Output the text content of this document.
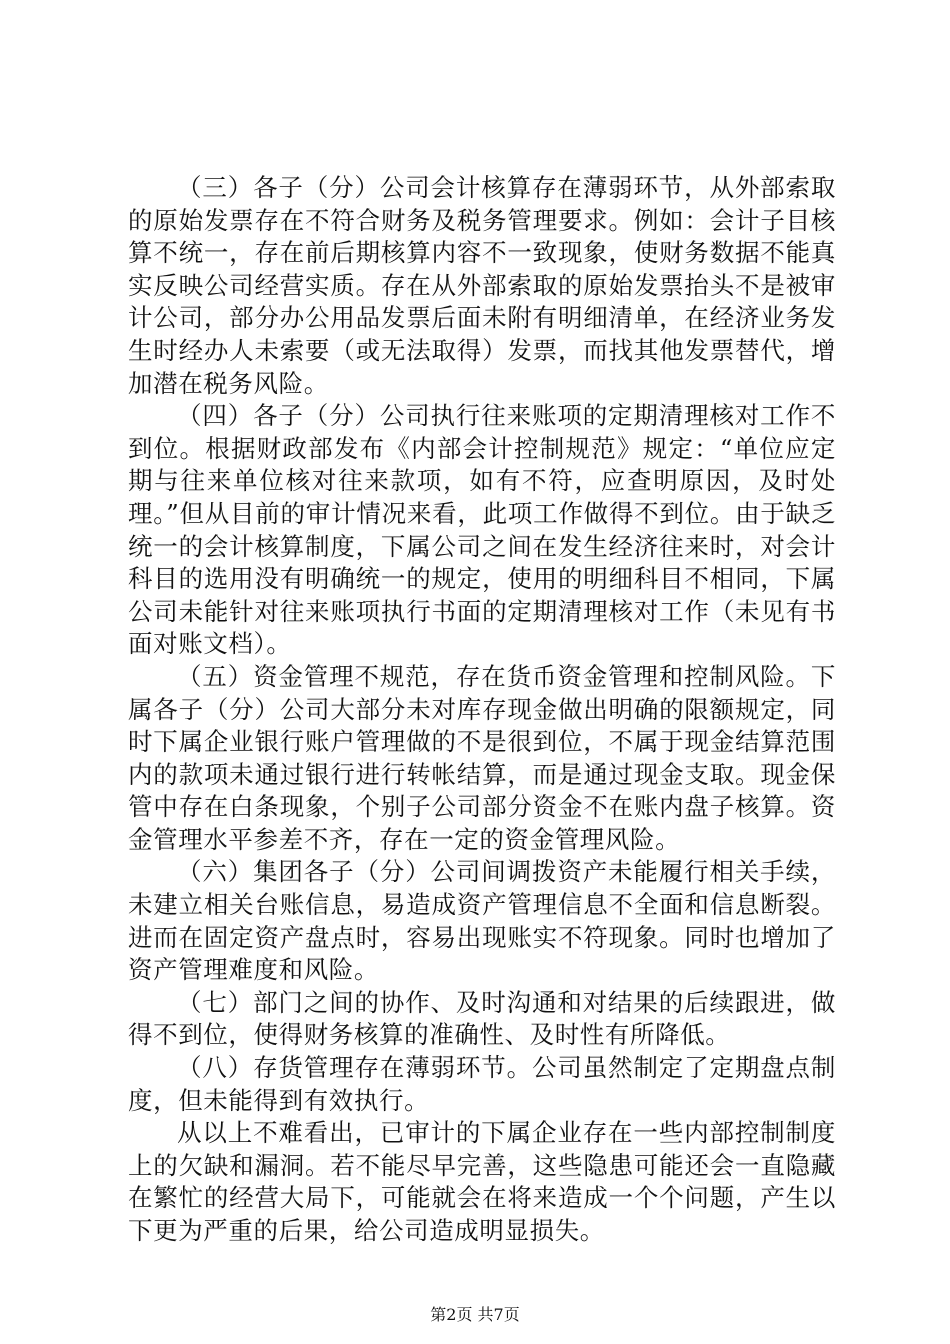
（三）各子（分）公司会计核算存在薄弱环节，从外部索取的原始发票存在不符合财务及税务管理要求。例如：会计子目核算不统一，存在前后期核算内容不一致现象，使财务数据不能真实反映公司经营实质。存在从外部索取的原始发票抬头不是被审计公司，部分办公用品发票后面未附有明细清单，在经济业务发生时经办人未索要（或无法取得）发票，而找其他发票替代，增加潜在税务风险。

（四）各子（分）公司执行往来账项的定期清理核对工作不到位。根据财政部发布《内部会计控制规范》规定：“单位应定期与往来单位核对往来款项，如有不符，应查明原因，及时处理。”但从目前的审计情况来看，此项工作做得不到位。由于缺乏统一的会计核算制度，下属公司之间在发生经济往来时，对会计科目的选用没有明确统一的规定，使用的明细科目不相同，下属公司未能针对往来账项执行书面的定期清理核对工作（未见有书面对账文档）。

（五）资金管理不规范，存在货币资金管理和控制风险。下属各子（分）公司大部分未对库存现金做出明确的限额规定，同时下属企业银行账户管理做的不是很到位，不属于现金结算范围内的款项未通过银行进行转帐结算，而是通过现金支取。现金保管中存在白条现象，个别子公司部分资金不在账内盘子核算。资金管理水平参差不齐，存在一定的资金管理风险。

（六）集团各子（分）公司间调拨资产未能履行相关手续，未建立相关台账信息，易造成资产管理信息不全面和信息断裂。进而在固定资产盘点时，容易出现账实不符现象。同时也增加了资产管理难度和风险。

（七）部门之间的协作、及时沟通和对结果的后续跟进，做得不到位，使得财务核算的准确性、及时性有所降低。

（八）存货管理存在薄弱环节。公司虽然制定了定期盘点制度，但未能得到有效执行。

从以上不难看出，已审计的下属企业存在一些内部控制制度上的欠缺和漏洞。若不能尽早完善，这些隐患可能还会一直隐藏在繁忙的经营大局下，可能就会在将来造成一个个问题，产生以下更为严重的后果，给公司造成明显损失。

第2页 共7页
